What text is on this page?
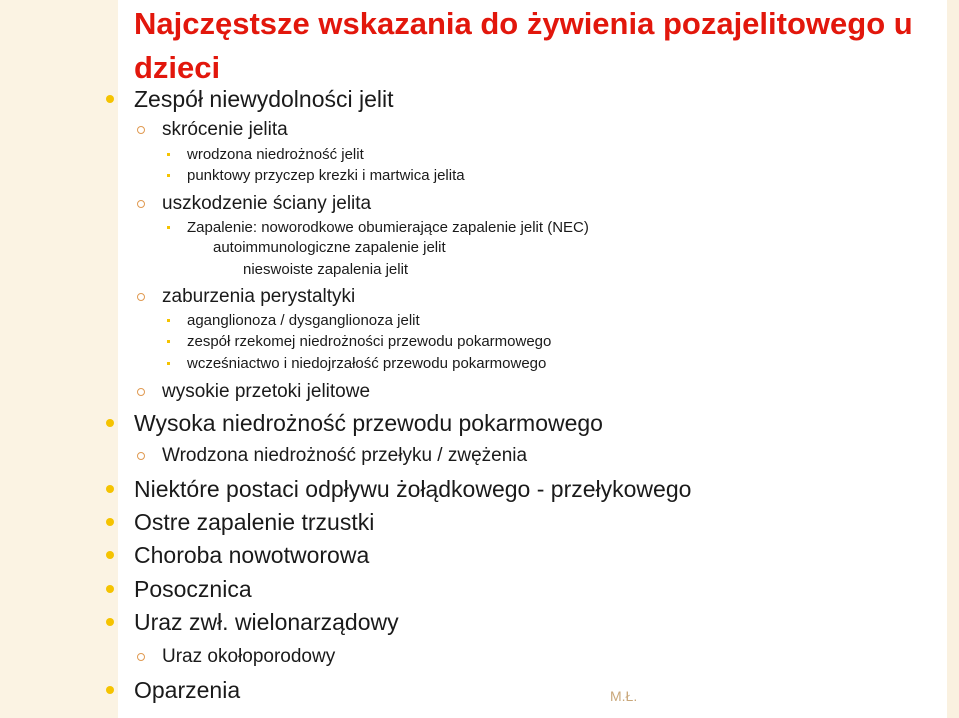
Najczęstsze wskazania do żywienia pozajelitowego u dzieci
Zespół niewydolności jelit
skrócenie jelita
wrodzona niedrożność jelit
punktowy przyczep krezki i martwica jelita
uszkodzenie ściany jelita
Zapalenie: noworodkowe obumierające zapalenie jelit (NEC)
autoimmunologiczne zapalenie jelit
nieswoiste zapalenia jelit
zaburzenia perystaltyki
aganglionoza / dysganglionoza jelit
zespół rzekomej niedrożności przewodu pokarmowego
wcześniactwo i niedojrzałość przewodu pokarmowego
wysokie przetoki jelitowe
Wysoka niedrożność przewodu pokarmowego
Wrodzona niedrożność przełyku / zwężenia
Niektóre postaci odpływu żołądkowego - przełykowego
Ostre zapalenie trzustki
Choroba nowotworowa
Posocznica
Uraz zwł. wielonarządowy
Uraz okołoporodowy
Oparzenia	M.Ł.
